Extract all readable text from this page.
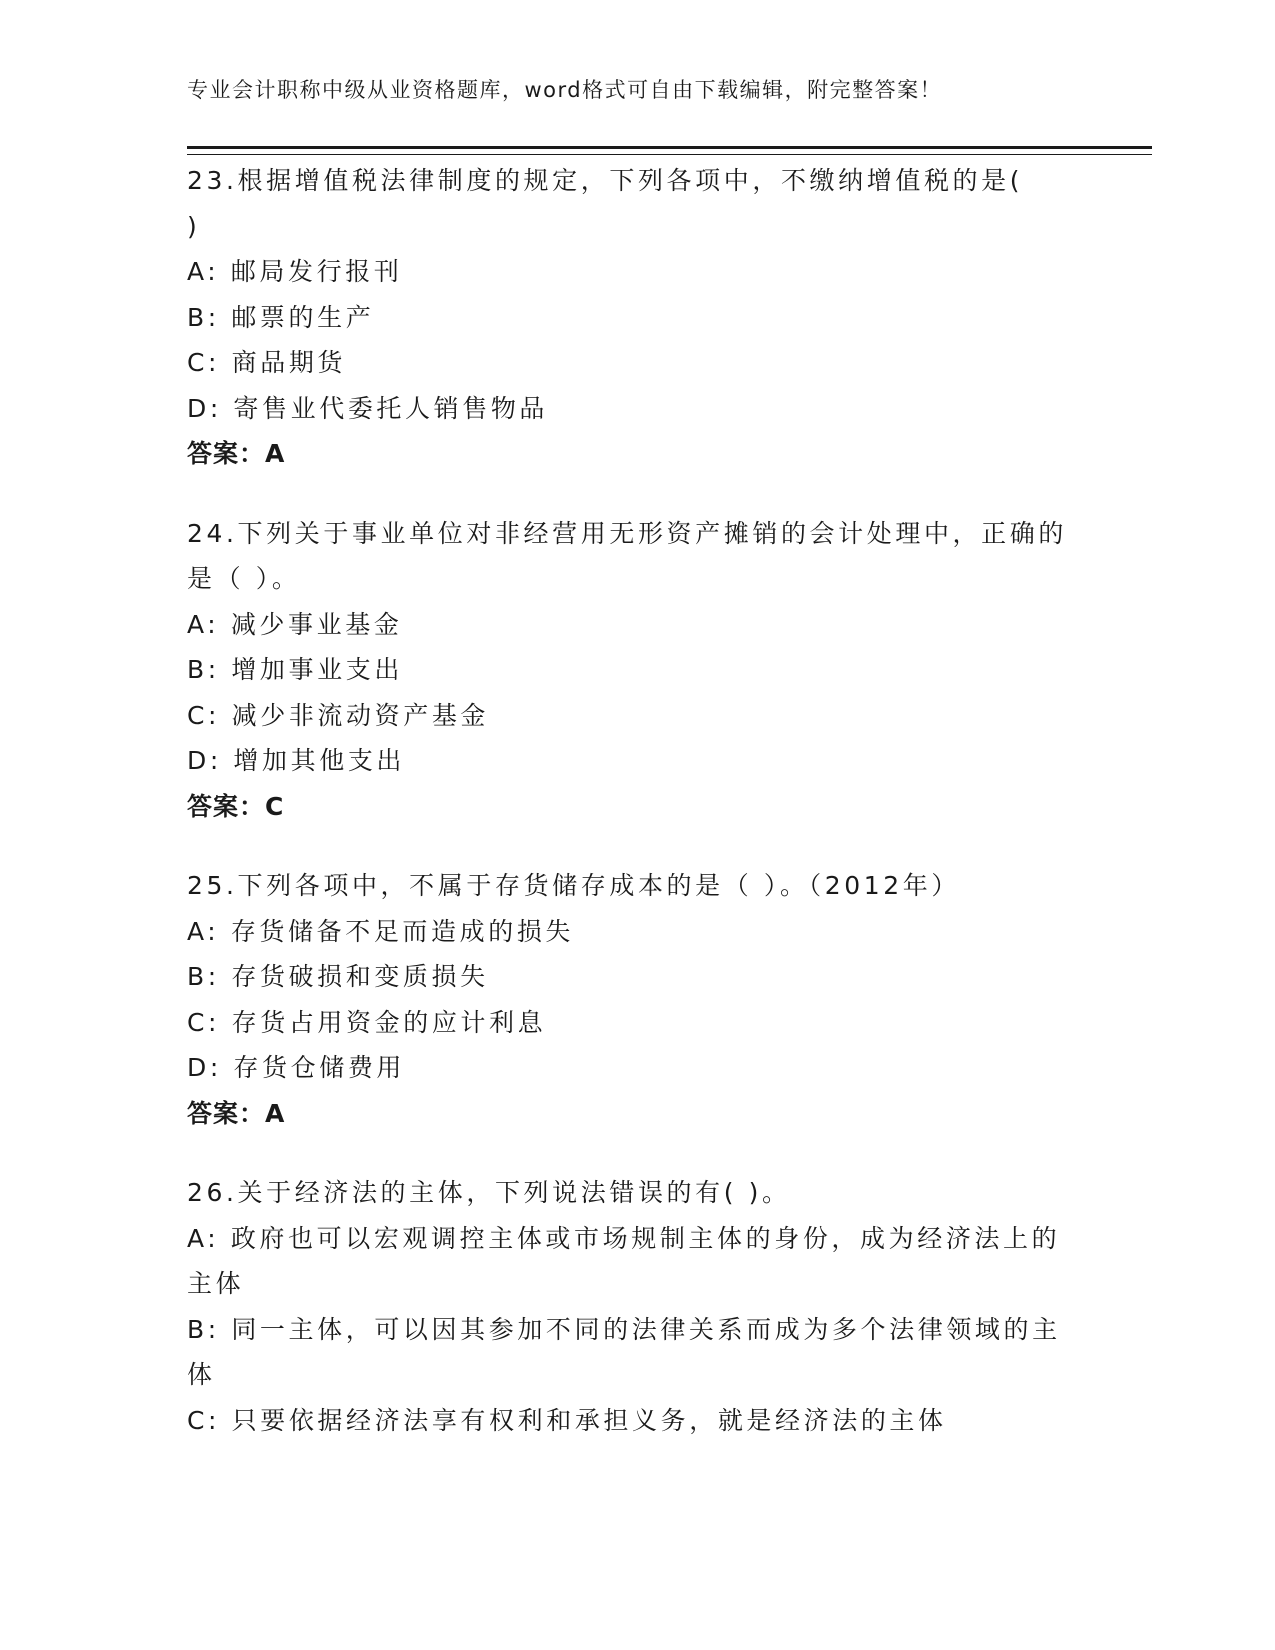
专业会计职称中级从业资格题库，word格式可自由下载编辑，附完整答案！
23.根据增值税法律制度的规定，下列各项中，不缴纳增值税的是(
)
A: 邮局发行报刊
B: 邮票的生产
C: 商品期货
D: 寄售业代委托人销售物品
答案：A
24.下列关于事业单位对非经营用无形资产摊销的会计处理中，正确的
是（ ）。
A: 减少事业基金
B: 增加事业支出
C: 减少非流动资产基金
D: 增加其他支出
答案：C
25.下列各项中，不属于存货储存成本的是（ ）。（2012年）
A: 存货储备不足而造成的损失
B: 存货破损和变质损失
C: 存货占用资金的应计利息
D: 存货仓储费用
答案：A
26.关于经济法的主体，下列说法错误的有( )。
A: 政府也可以宏观调控主体或市场规制主体的身份，成为经济法上的
主体
B: 同一主体，可以因其参加不同的法律关系而成为多个法律领域的主
体
C: 只要依据经济法享有权利和承担义务，就是经济法的主体
